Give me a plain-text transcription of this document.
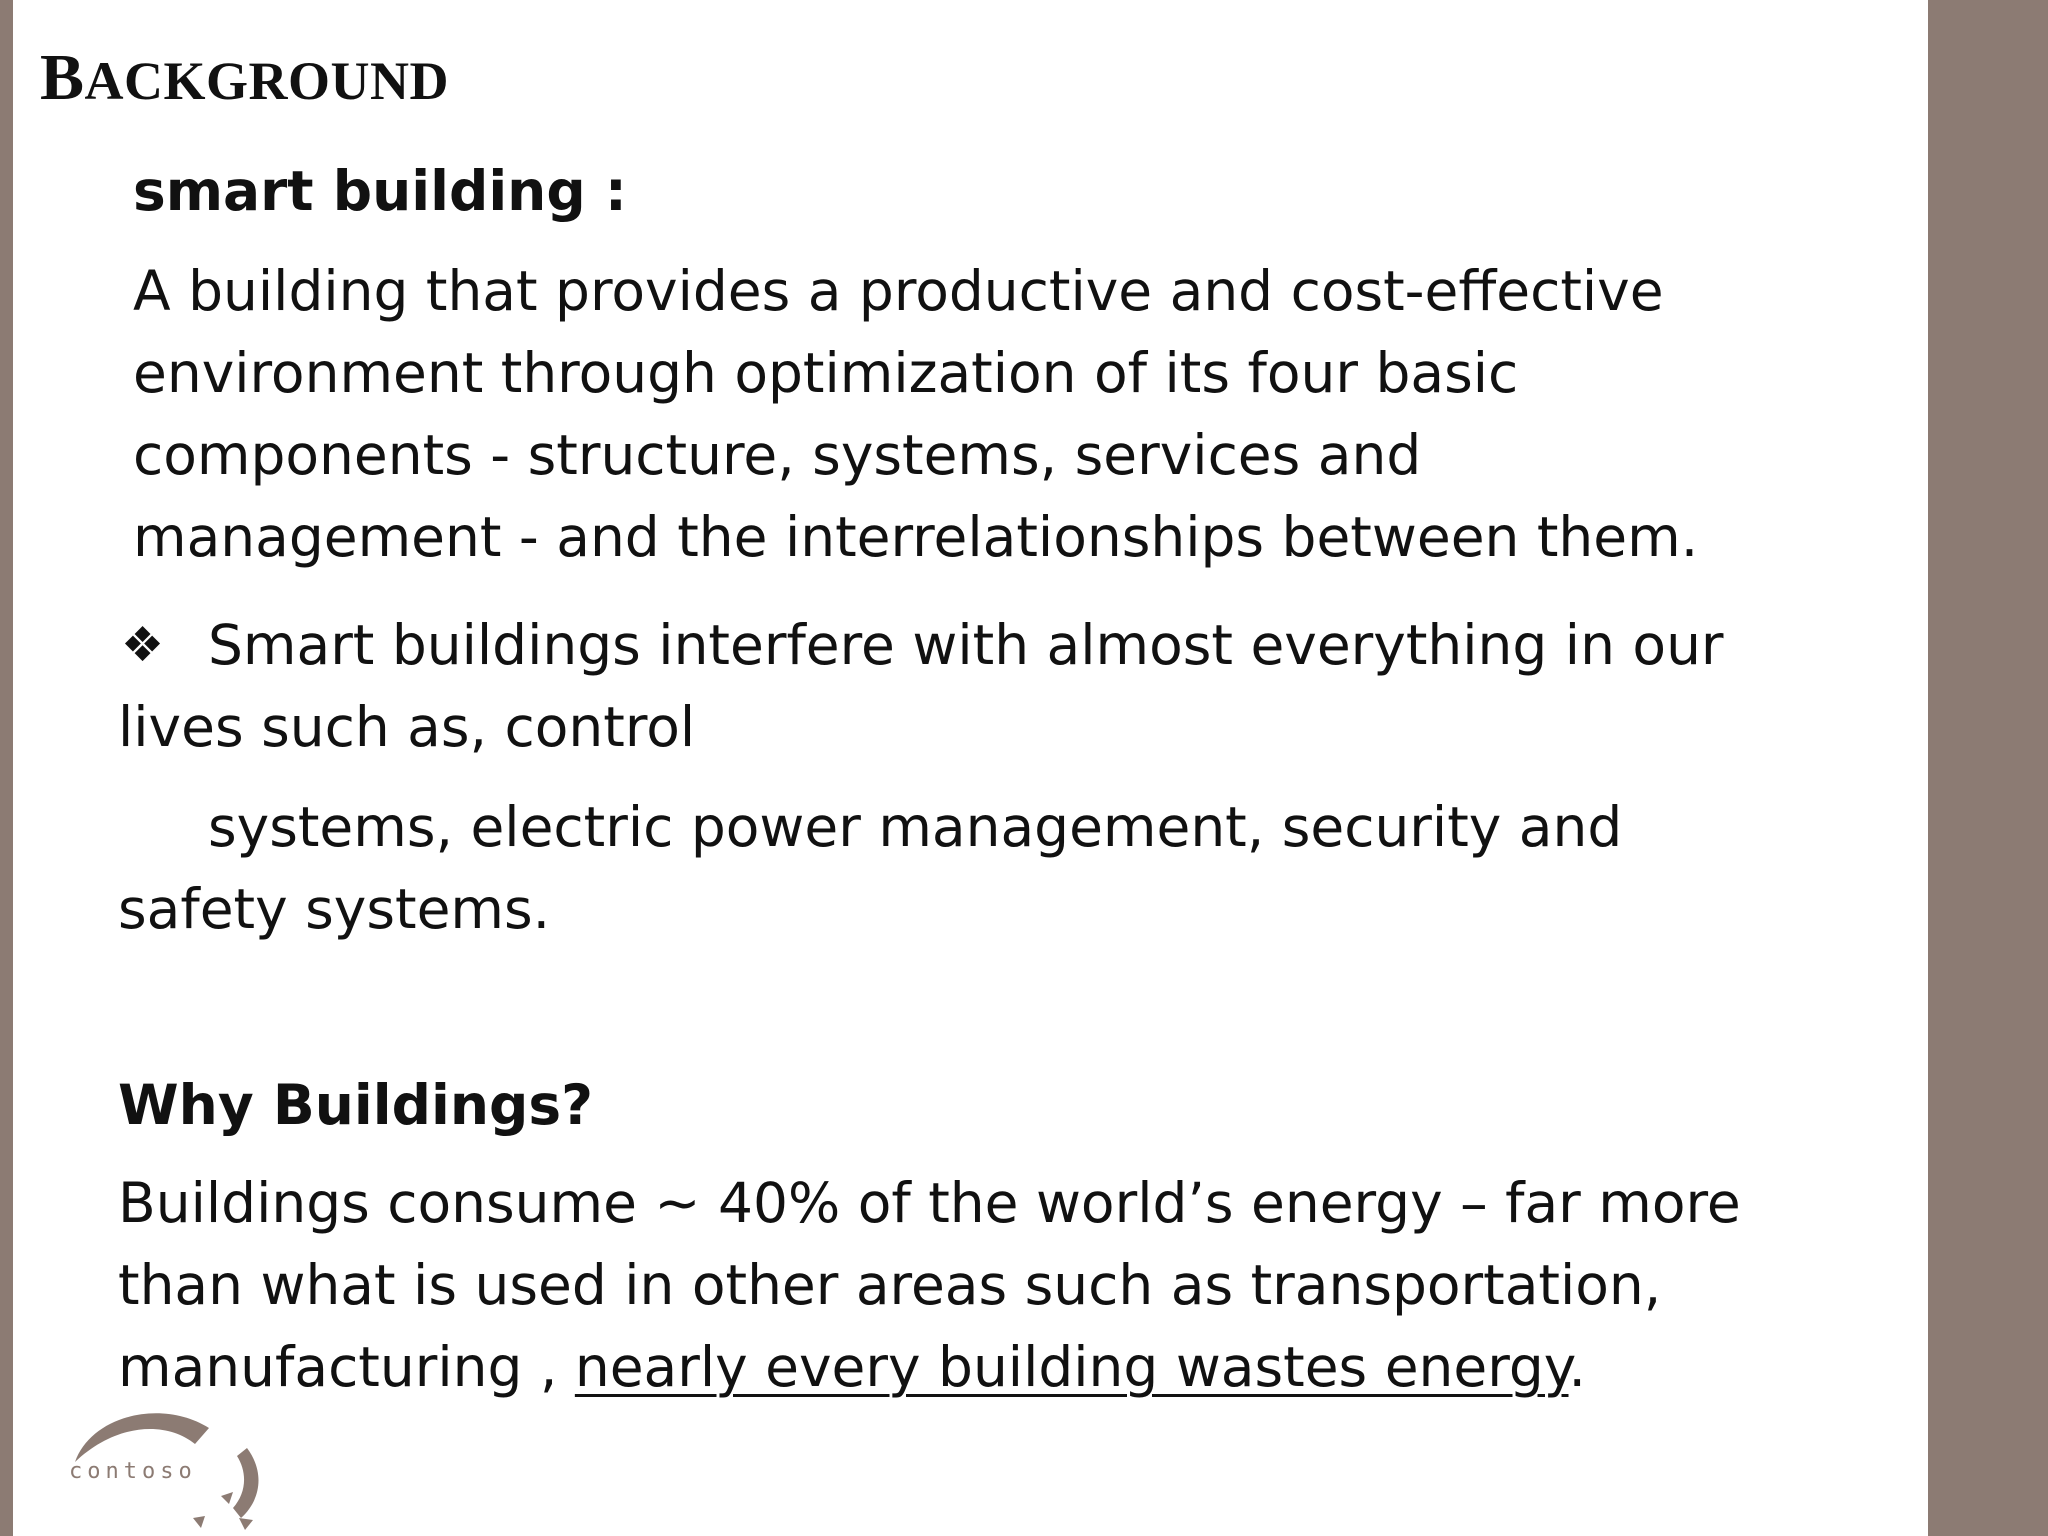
BACKGROUND
smart building :
A building that provides a productive and cost-effective
environment through optimization of its four basic
components - structure, systems, services and
management - and the interrelationships between them.
❖ Smart buildings interfere with almost everything in our
lives such as, control
systems, electric power management, security and
safety systems.
Why Buildings?
Buildings consume ~ 40% of the world’s energy – far more
than what is used in other areas such as transportation,
manufacturing , nearly every building wastes energy.
contoso
